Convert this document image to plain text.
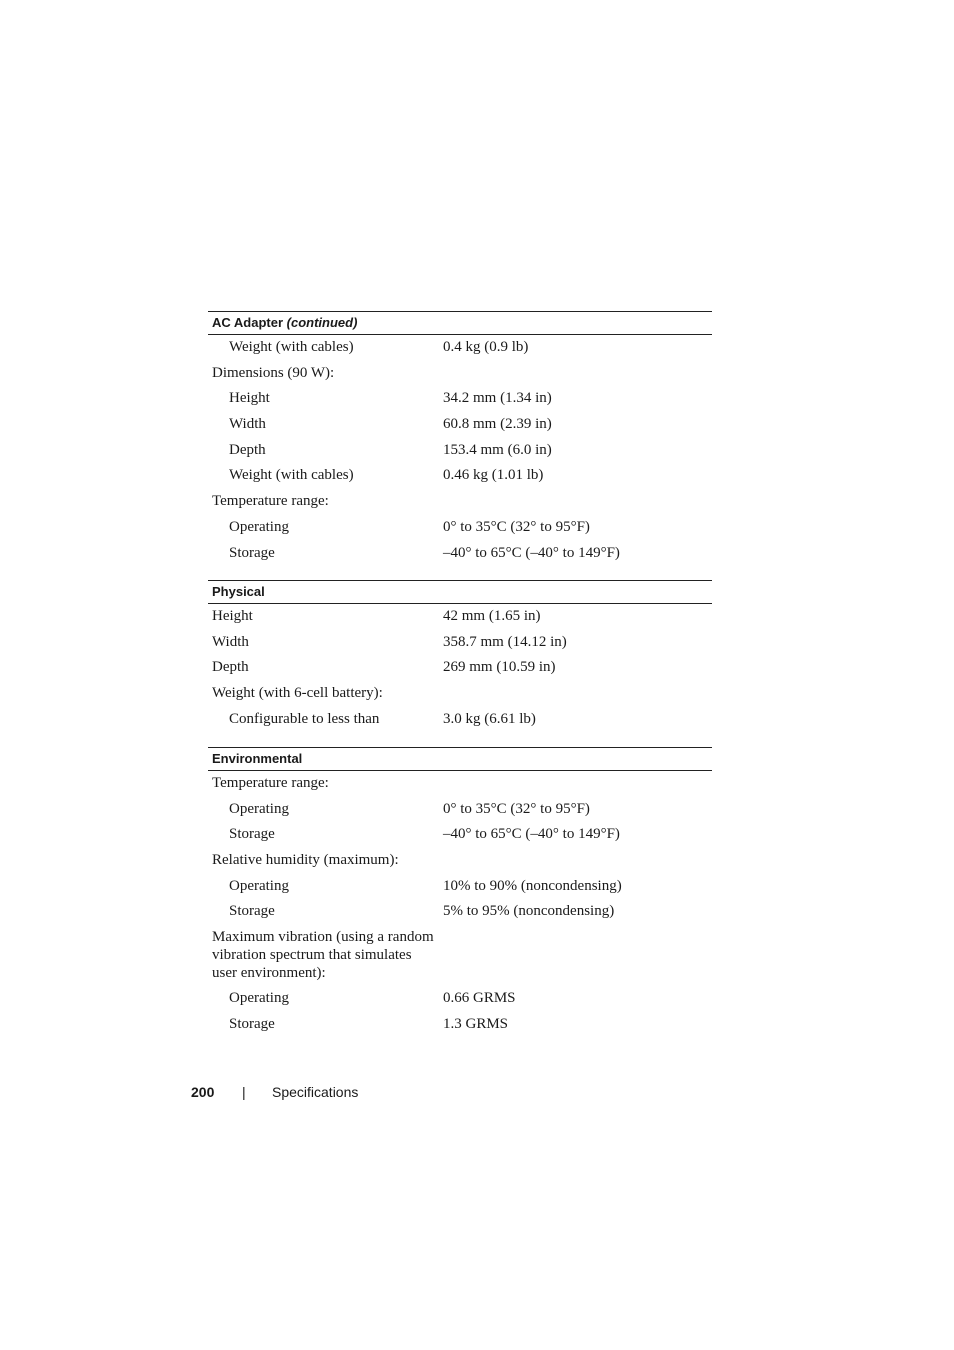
AC Adapter (continued)
Weight (with cables)	0.4 kg (0.9 lb)
Dimensions (90 W):
Height	34.2 mm (1.34 in)
Width	60.8 mm (2.39 in)
Depth	153.4 mm (6.0 in)
Weight (with cables)	0.46 kg (1.01 lb)
Temperature range:
Operating	0° to 35°C (32° to 95°F)
Storage	–40° to 65°C (–40° to 149°F)
Physical
Height	42 mm (1.65 in)
Width	358.7 mm (14.12 in)
Depth	269 mm (10.59 in)
Weight (with 6-cell battery):
Configurable to less than	3.0 kg (6.61 lb)
Environmental
Temperature range:
Operating	0° to 35°C (32° to 95°F)
Storage	–40° to 65°C (–40° to 149°F)
Relative humidity (maximum):
Operating	10% to 90% (noncondensing)
Storage	5% to 95% (noncondensing)
Maximum vibration (using a random vibration spectrum that simulates user environment):
Operating	0.66 GRMS
Storage	1.3 GRMS
200 | Specifications
